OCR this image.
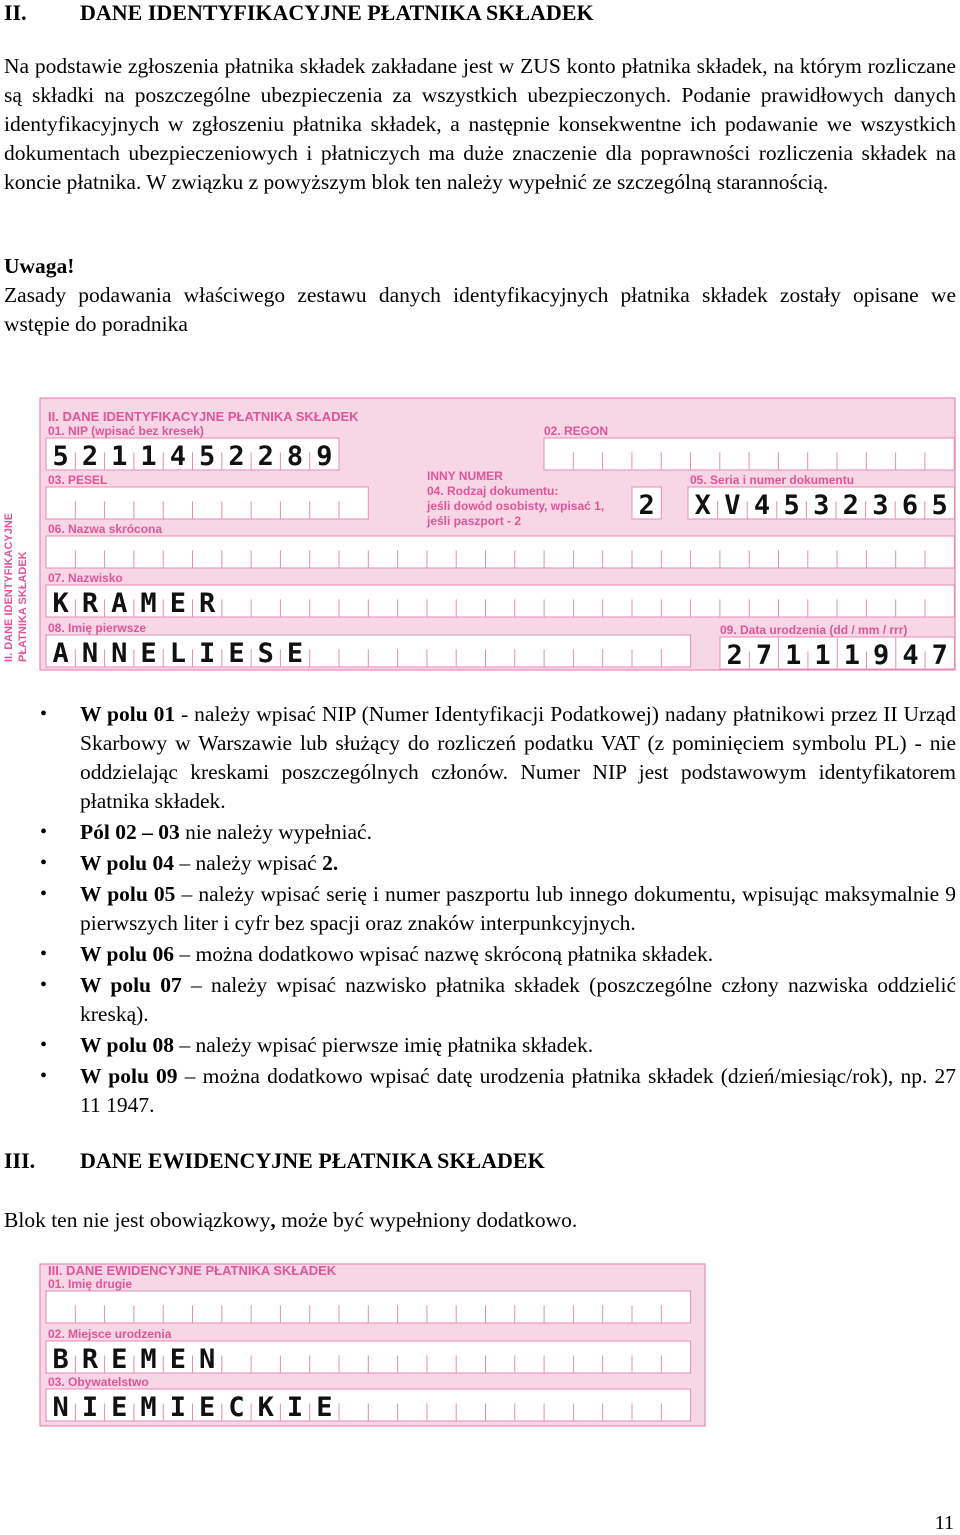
II. DANE IDENTYFIKACYJNE PŁATNIKA SKŁADEK
Na podstawie zgłoszenia płatnika składek zakładane jest w ZUS konto płatnika składek, na którym rozliczane są składki na poszczególne ubezpieczenia za wszystkich ubezpieczonych. Podanie prawidłowych danych identyfikacyjnych w zgłoszeniu płatnika składek, a następnie konsekwentne ich podawanie we wszystkich dokumentach ubezpieczeniowych i płatniczych ma duże znaczenie dla poprawności rozliczenia składek na koncie płatnika. W związku z powyższym blok ten należy wypełnić ze szczególną starannością.
Uwaga!
Zasady podawania właściwego zestawu danych identyfikacyjnych płatnika składek zostały opisane we wstępie do poradnika
II. DANE IDENTYFIKACYJNE PŁATNIKA SKŁADEK
II. DANE IDENTYFIKACYJNE PŁATNIKA SKŁADEK
01. NIP (wpisać bez kresek)
5 2 1 1 4 5 2 2 8 9
02. REGON
03. PESEL	INNY NUMER
04. Rodzaj dokumentu:
jeśli dowód osobisty, wpisać 1,
jeśli paszport - 2	2
05. Seria i numer dokumentu
X V 4 5 3 2 3 6 5
06. Nazwa skrócona
07. Nazwisko
K R A M E R
08. Imię pierwsze
A N N E L I E S E
09. Data urodzenia (dd / mm / rrr)
2 7 1 1 1 9 4 7
• W polu 01 - należy wpisać NIP (Numer Identyfikacji Podatkowej) nadany płatnikowi przez II Urząd Skarbowy w Warszawie lub służący do rozliczeń podatku VAT (z pominięciem symbolu PL) - nie oddzielając kreskami poszczególnych członów. Numer NIP jest podstawowym identyfikatorem płatnika składek.
• Pól 02 – 03 nie należy wypełniać.
• W polu 04 – należy wpisać 2.
• W polu 05 – należy wpisać serię i numer paszportu lub innego dokumentu, wpisując maksymalnie 9 pierwszych liter i cyfr bez spacji oraz znaków interpunkcyjnych.
• W polu 06 – można dodatkowo wpisać nazwę skróconą płatnika składek.
• W polu 07 – należy wpisać nazwisko płatnika składek (poszczególne człony nazwiska oddzielić kreską).
• W polu 08 – należy wpisać pierwsze imię płatnika składek.
• W polu 09 – można dodatkowo wpisać datę urodzenia płatnika składek (dzień/miesiąc/rok), np. 27 11 1947.
III. DANE EWIDENCYJNE PŁATNIKA SKŁADEK
Blok ten nie jest obowiązkowy, może być wypełniony dodatkowo.
III. DANE EWIDENCYJNE PŁATNIKA SKŁADEK
01. Imię drugie
02. Miejsce urodzenia
B R E M E N
03. Obywatelstwo
N I E M I E C K I E
11
